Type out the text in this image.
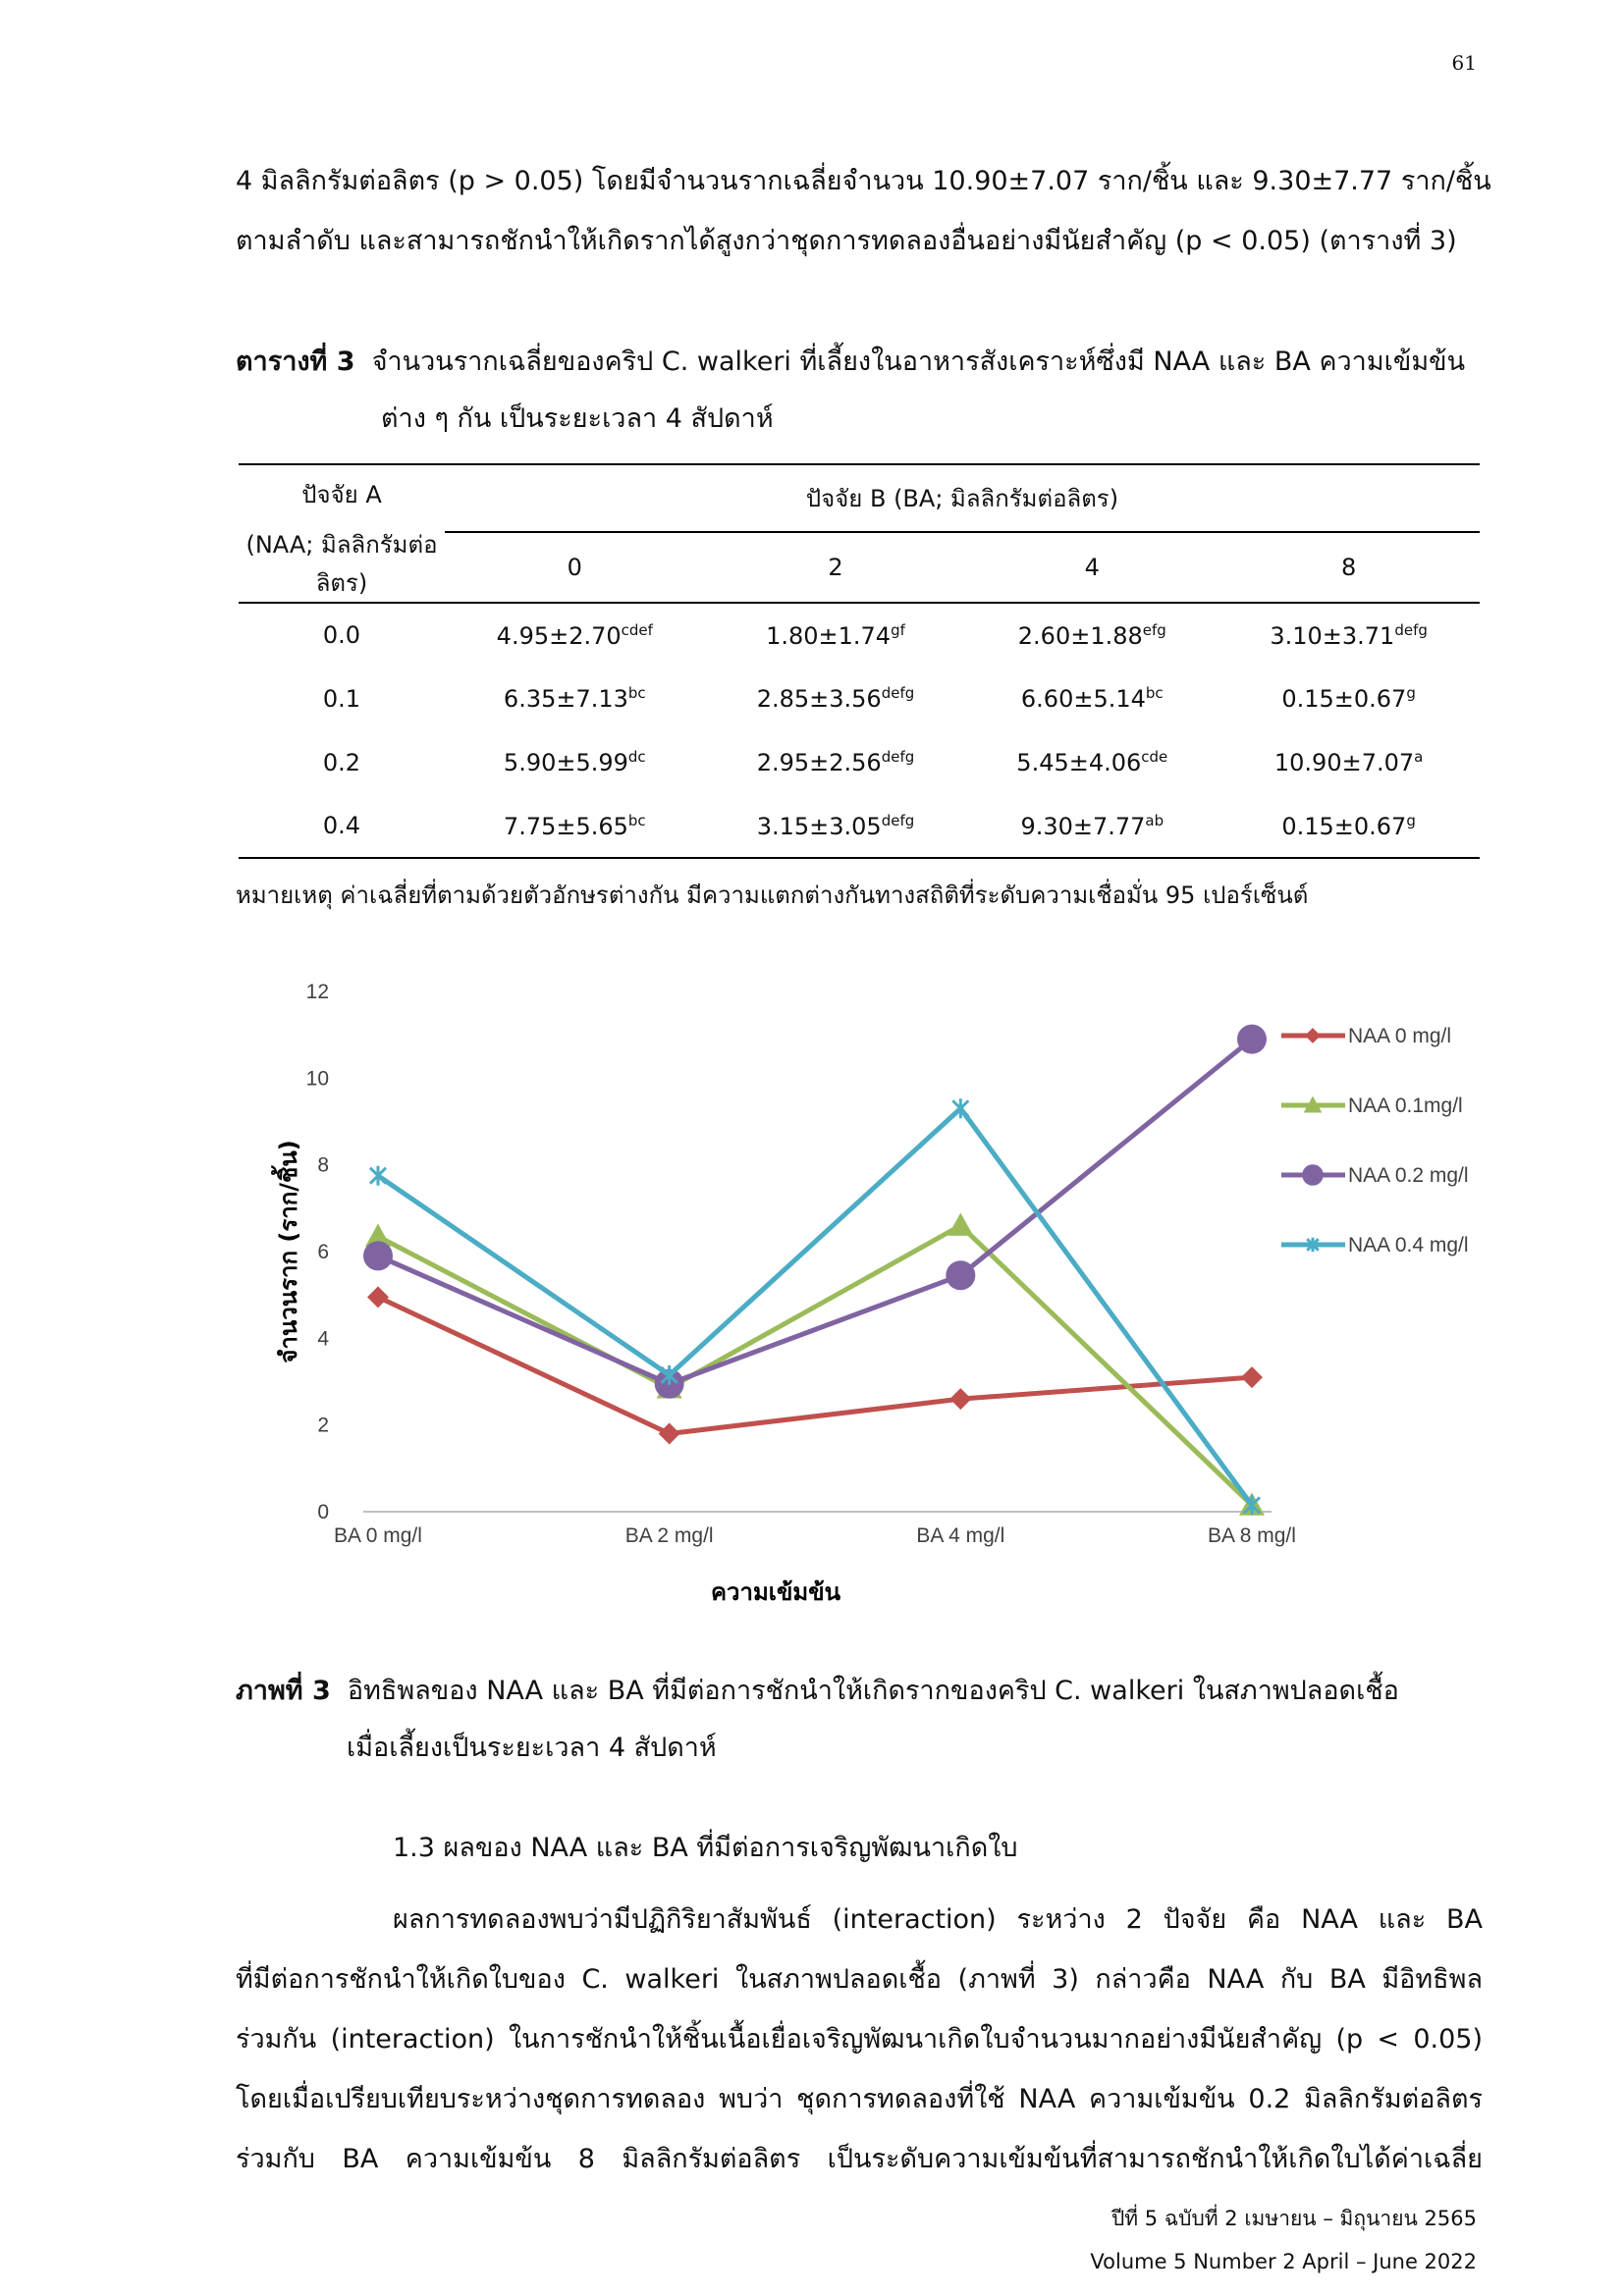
61

4 มิลลิกรัมต่อลิตร (p > 0.05) โดยมีจำนวนรากเฉลี่ยจำนวน 10.90±7.07 ราก/ชิ้น และ 9.30±7.77 ราก/ชิ้น

ตามลำดับ และสามารถชักนำให้เกิดรากได้สูงกว่าชุดการทดลองอื่นอย่างมีนัยสำคัญ (p < 0.05) (ตารางที่ 3)

ตารางที่ 3 จำนวนรากเฉลี่ยของคริป C. walkeri ที่เลี้ยงในอาหารสังเคราะห์ซึ่งมี NAA และ BA ความเข้มข้น
ต่าง ๆ กัน เป็นระยะเวลา 4 สัปดาห์
ปัจจัย A
(NAA; มิลลิกรัมต่อลิตร)	ปัจจัย B (BA; มิลลิกรัมต่อลิตร)			
	0	2	4	8
0.0	$4.95\pm 2.70^{cdef}$	1.80±1.74$^{gf}$	2.60±1.88$^{efg}$	$3.10\pm 3.71^{defg}$
0.1	6.35±7.13$^{bc}$	$2.85\pm 3.56^{defg}$	6.60±5.14$^{bc}$	0.15±0.67$^g$
0.2	5.90±5.99$^{dc}$	$2.95\pm 2.56^{defg}$	5.45±4.06$^{cde}$	10.90±7.07$^a$
0.4	7.75±5.65$^{bc}$	$3.15\pm 3.05^{defg}$	9.30±7.77$^{ab}$	0.15±0.67$^g$
หมายเหตุ ค่าเฉลี่ยที่ตามด้วยตัวอักษรต่างกัน มีความแตกต่างกันทางสถิติที่ระดับความเชื่อมั่น 95 เปอร์เซ็นต์
0
2
4
6
8
10
12
BA 0 mg/l	BA 2 mg/l	BA 4 mg/l	BA 8 mg/l
ความเข้มข้น
จำนวนราก (ราก/ชิ้น)
NAA 0 mg/l
NAA 0.1mg/l
NAA 0.2 mg/l
NAA 0.4 mg/l
ภาพที่ 3 อิทธิพลของ NAA และ BA ที่มีต่อการชักนำให้เกิดรากของคริป C. walkeri ในสภาพปลอดเชื้อ
เมื่อเลี้ยงเป็นระยะเวลา 4 สัปดาห์
1.3 ผลของ NAA และ BA ที่มีต่อการเจริญพัฒนาเกิดใบ

ผลการทดลองพบว่ามีปฏิกิริยาสัมพันธ์ (interaction) ระหว่าง 2 ปัจจัย คือ NAA และ BA

ที่มีต่อการชักนำให้เกิดใบของ C. walkeri ในสภาพปลอดเชื้อ (ภาพที่ 3) กล่าวคือ NAA กับ BA มีอิทธิพล

ร่วมกัน (interaction) ในการชักนำให้ชิ้นเนื้อเยื่อเจริญพัฒนาเกิดใบจำนวนมากอย่างมีนัยสำคัญ (p < 0.05)

โดยเมื่อเปรียบเทียบระหว่างชุดการทดลอง พบว่า ชุดการทดลองที่ใช้ NAA ความเข้มข้น 0.2 มิลลิกรัมต่อลิตร

ร่วมกับ BA ความเข้มข้น 8 มิลลิกรัมต่อลิตร เป็นระดับความเข้มข้นที่สามารถชักนำให้เกิดใบได้ค่าเฉลี่ย

ปีที่ 5 ฉบับที่ 2 เมษายน – มิถุนายน 2565
Volume 5 Number 2 April – June 2022
